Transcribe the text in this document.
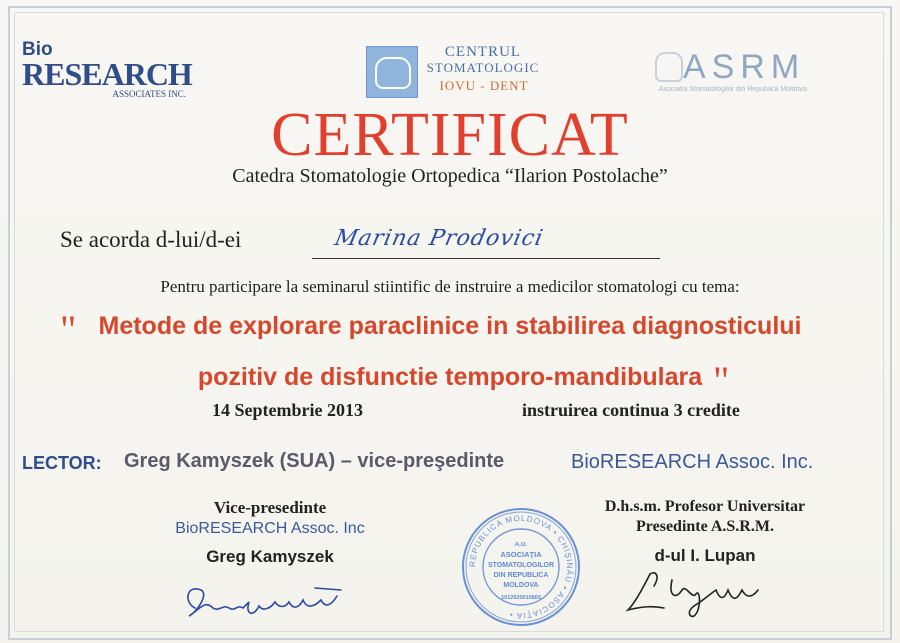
Bio
RESEARCH
ASSOCIATES INC.
CENTRUL
STOMATOLOGIC
IOVU - DENT	ASRM
Asociația Stomatologilor din Republica Moldova
CERTIFICAT
Catedra Stomatologie Ortopedica “Ilarion Postolache”
Se acorda d-lui/d-ei	Marina Prodovici
Pentru participare la seminarul stiintific de instruire a medicilor stomatologi cu tema:
" Metode de explorare paraclinice in stabilirea diagnosticului
pozitiv de disfunctie temporo-mandibulara "
14 Septembrie 2013	instruirea continua 3 credite
LECTOR: Greg Kamyszek (SUA) – vice-preşedinte	BioRESEARCH Assoc. Inc.
Vice-presedinte
BioRESEARCH Assoc. Inc
Greg Kamyszek	REPUBLICA MOLDOVA • CHIŞINĂU • ASOCIAŢIA •
A.O.
ASOCIAŢIA
STOMATOLOGILOR
DIN REPUBLICA
MOLDOVA
1012620010865
D.h.s.m. Profesor Universitar
Presedinte A.S.R.M.
d-ul I. Lupan
